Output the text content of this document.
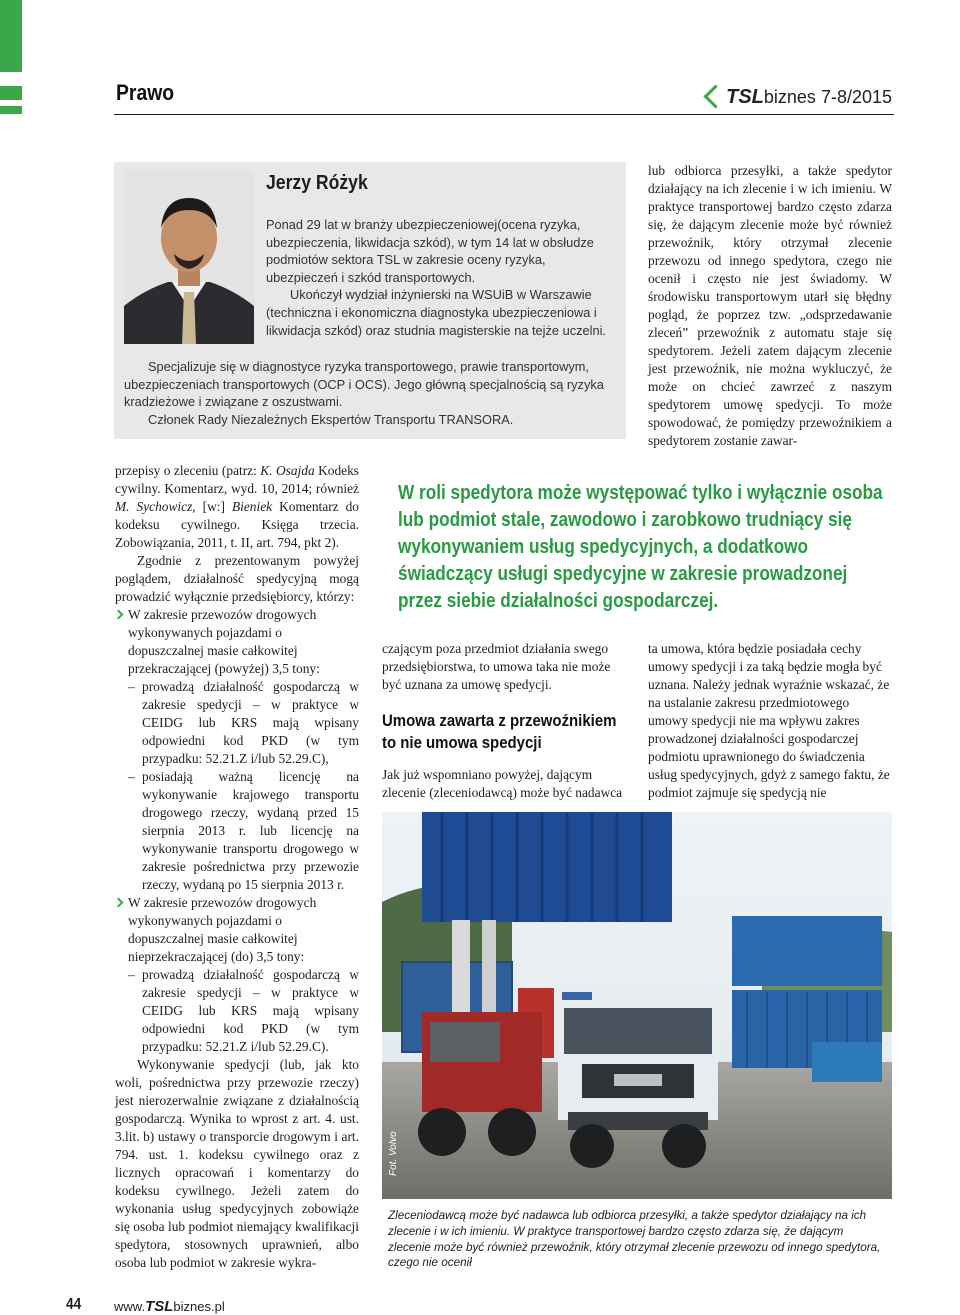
Prawo	TSLbiznes 7-8/2015
Jerzy Różyk

Ponad 29 lat w branży ubezpieczeniowej(ocena ryzyka, ubezpieczenia, likwidacja szkód), w tym 14 lat w obsłudze podmiotów sektora TSL w zakresie oceny ryzyka, ubezpieczeń i szkód transportowych.

Ukończył wydział inżynierski na WSUiB w Warszawie (techniczna i ekonomiczna diagnostyka ubezpieczeniowa i likwidacja szkód) oraz studnia magisterskie na tejże uczelni.

Specjalizuje się w diagnostyce ryzyka transportowego, prawie transportowym, ubezpieczeniach transportowych (OCP i OCS). Jego główną specjalnością są ryzyka kradzieżowe i związane z oszustwami.

Członek Rady Niezależnych Ekspertów Transportu TRANSORA.

lub odbiorca przesyłki, a także spedytor działający na ich zlecenie i w ich imieniu. W praktyce transportowej bardzo często zdarza się, że dającym zlecenie może być również przewoźnik, który otrzymał zlecenie przewozu od innego spedytora, czego nie ocenił i często nie jest świadomy. W środowisku transportowym utarł się błędny pogląd, że poprzez tzw. „odsprzedawanie zleceń” przewoźnik z automatu staje się spedytorem. Jeżeli zatem dającym zlecenie jest przewoźnik, nie można wykluczyć, że może on chcieć zawrzeć z naszym spedytorem umowę spedycji. To może spowodować, że pomiędzy przewoźnikiem a spedytorem zostanie zawar-

przepisy o zleceniu (patrz: K. Osajda Kodeks cywilny. Komentarz, wyd. 10, 2014; również M. Sychowicz, [w:] Bieniek Komentarz do kodeksu cywilnego. Księga trzecia. Zobowiązania, 2011, t. II, art. 794, pkt 2).

Zgodnie z prezentowanym powyżej poglądem, działalność spedycyjną mogą prowadzić wyłącznie przedsiębiorcy, którzy:

W zakresie przewozów drogowych wykonywanych pojazdami o dopuszczalnej masie całkowitej przekraczającej (powyżej) 3,5 tony:
– prowadzą działalność gospodarczą w zakresie spedycji – w praktyce w CEIDG lub KRS mają wpisany odpowiedni kod PKD (w tym przypadku: 52.21.Z i/lub 52.29.C),
– posiadają ważną licencję na wykonywanie krajowego transportu drogowego rzeczy, wydaną przed 15 sierpnia 2013 r. lub licencję na wykonywanie transportu drogowego w zakresie pośrednictwa przy przewozie rzeczy, wydaną po 15 sierpnia 2013 r.
W zakresie przewozów drogowych wykonywanych pojazdami o dopuszczalnej masie całkowitej nieprzekraczającej (do) 3,5 tony:
– prowadzą działalność gospodarczą w zakresie spedycji – w praktyce w CEIDG lub KRS mają wpisany odpowiedni kod PKD (w tym przypadku: 52.21.Z i/lub 52.29.C).

Wykonywanie spedycji (lub, jak kto woli, pośrednictwa przy przewozie rzeczy) jest nierozerwalnie związane z działalnością gospodarczą. Wynika to wprost z art. 4. ust. 3.lit. b) ustawy o transporcie drogowym i art. 794. ust. 1. kodeksu cywilnego oraz z licznych opracowań i komentarzy do kodeksu cywilnego. Jeżeli zatem do wykonania usług spedycyjnych zobowiąże się osoba lub podmiot niemający kwalifikacji spedytora, stosownych uprawnień, albo osoba lub podmiot w zakresie wykra-

W roli spedytora może występować tylko i wyłącznie osoba lub podmiot stale, zawodowo i zarobkowo trudniący się wykonywaniem usług spedycyjnych, a dodatkowo świadczący usługi spedycyjne w zakresie prowadzonej przez siebie działalności gospodarczej.

czającym poza przedmiot działania swego przedsiębiorstwa, to umowa taka nie może być uznana za umowę spedycji.

Umowa zawarta z przewoźnikiem to nie umowa spedycji

Jak już wspomniano powyżej, dającym zlecenie (zleceniodawcą) może być nadawca

ta umowa, która będzie posiadała cechy umowy spedycji i za taką będzie mogła być uznana. Należy jednak wyraźnie wskazać, że na ustalanie zakresu przedmiotowego umowy spedycji nie ma wpływu zakres prowadzonej działalności gospodarczej podmiotu uprawnionego do świadczenia usług spedycyjnych, gdyż z samego faktu, że podmiot zajmuje się spedycją nie

Fot. Volvo

Zleceniodawcą może być nadawca lub odbiorca przesyłki, a także spedytor działający na ich zlecenie i w ich imieniu. W praktyce transportowej bardzo często zdarza się, że dającym zlecenie może być również przewoźnik, który otrzymał zlecenie przewozu od innego spedytora, czego nie ocenił

44	www.TSLbiznes.pl
